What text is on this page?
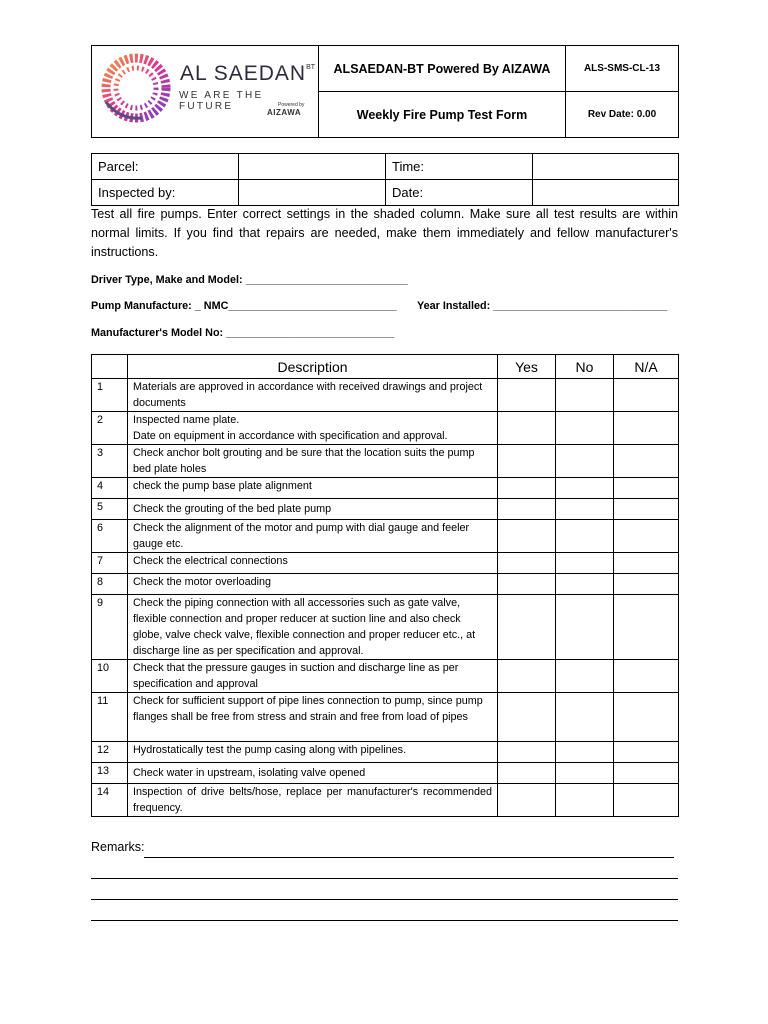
AL $SAEDAN^{BT}$
WE ARE THE FUTURE Powered by
AIZAWA	ALSAEDAN-BT Powered By AIZAWA	ALS-SMS-CL-13
	Weekly Fire Pump Test Form	Rev Date: 0.00
Parcel:		Time:	
Inspected by:		Date:	
Test all fire pumps. Enter correct settings in the shaded column. Make sure all test results are within normal limits. If you find that repairs are needed, make them immediately and fellow manufacturer's instructions.
Driver Type, Make and Model: ___________________________
Pump Manufacture: _ NMC____________________________ Year Installed: _____________________________
Manufacturer's Model No: ____________________________
	Description	Yes	No	N/A
1	Materials are approved in accordance with received drawings and project documents			
2	Inspected name plate.
Date on equipment in accordance with specification and approval.			
3	Check anchor bolt grouting and be sure that the location suits the pump bed plate holes			
4	check the pump base plate alignment			
5	Check the grouting of the bed plate pump			
6	Check the alignment of the motor and pump with dial gauge and feeler gauge etc.			
7	Check the electrical connections			
8	Check the motor overloading			
9	Check the piping connection with all accessories such as gate valve, flexible connection and proper reducer at suction line and also check globe, valve check valve, flexible connection and proper reducer etc., at discharge line as per specification and approval.			
10	Check that the pressure gauges in suction and discharge line as per specification and approval			
11	Check for sufficient support of pipe lines connection to pump, since pump flanges shall be free from stress and strain and free from load of pipes			
12	Hydrostatically test the pump casing along with pipelines.			
13	Check water in upstream, isolating valve opened			
14	Inspection of drive belts/hose, replace per manufacturer's recommended frequency.			
Remarks:
